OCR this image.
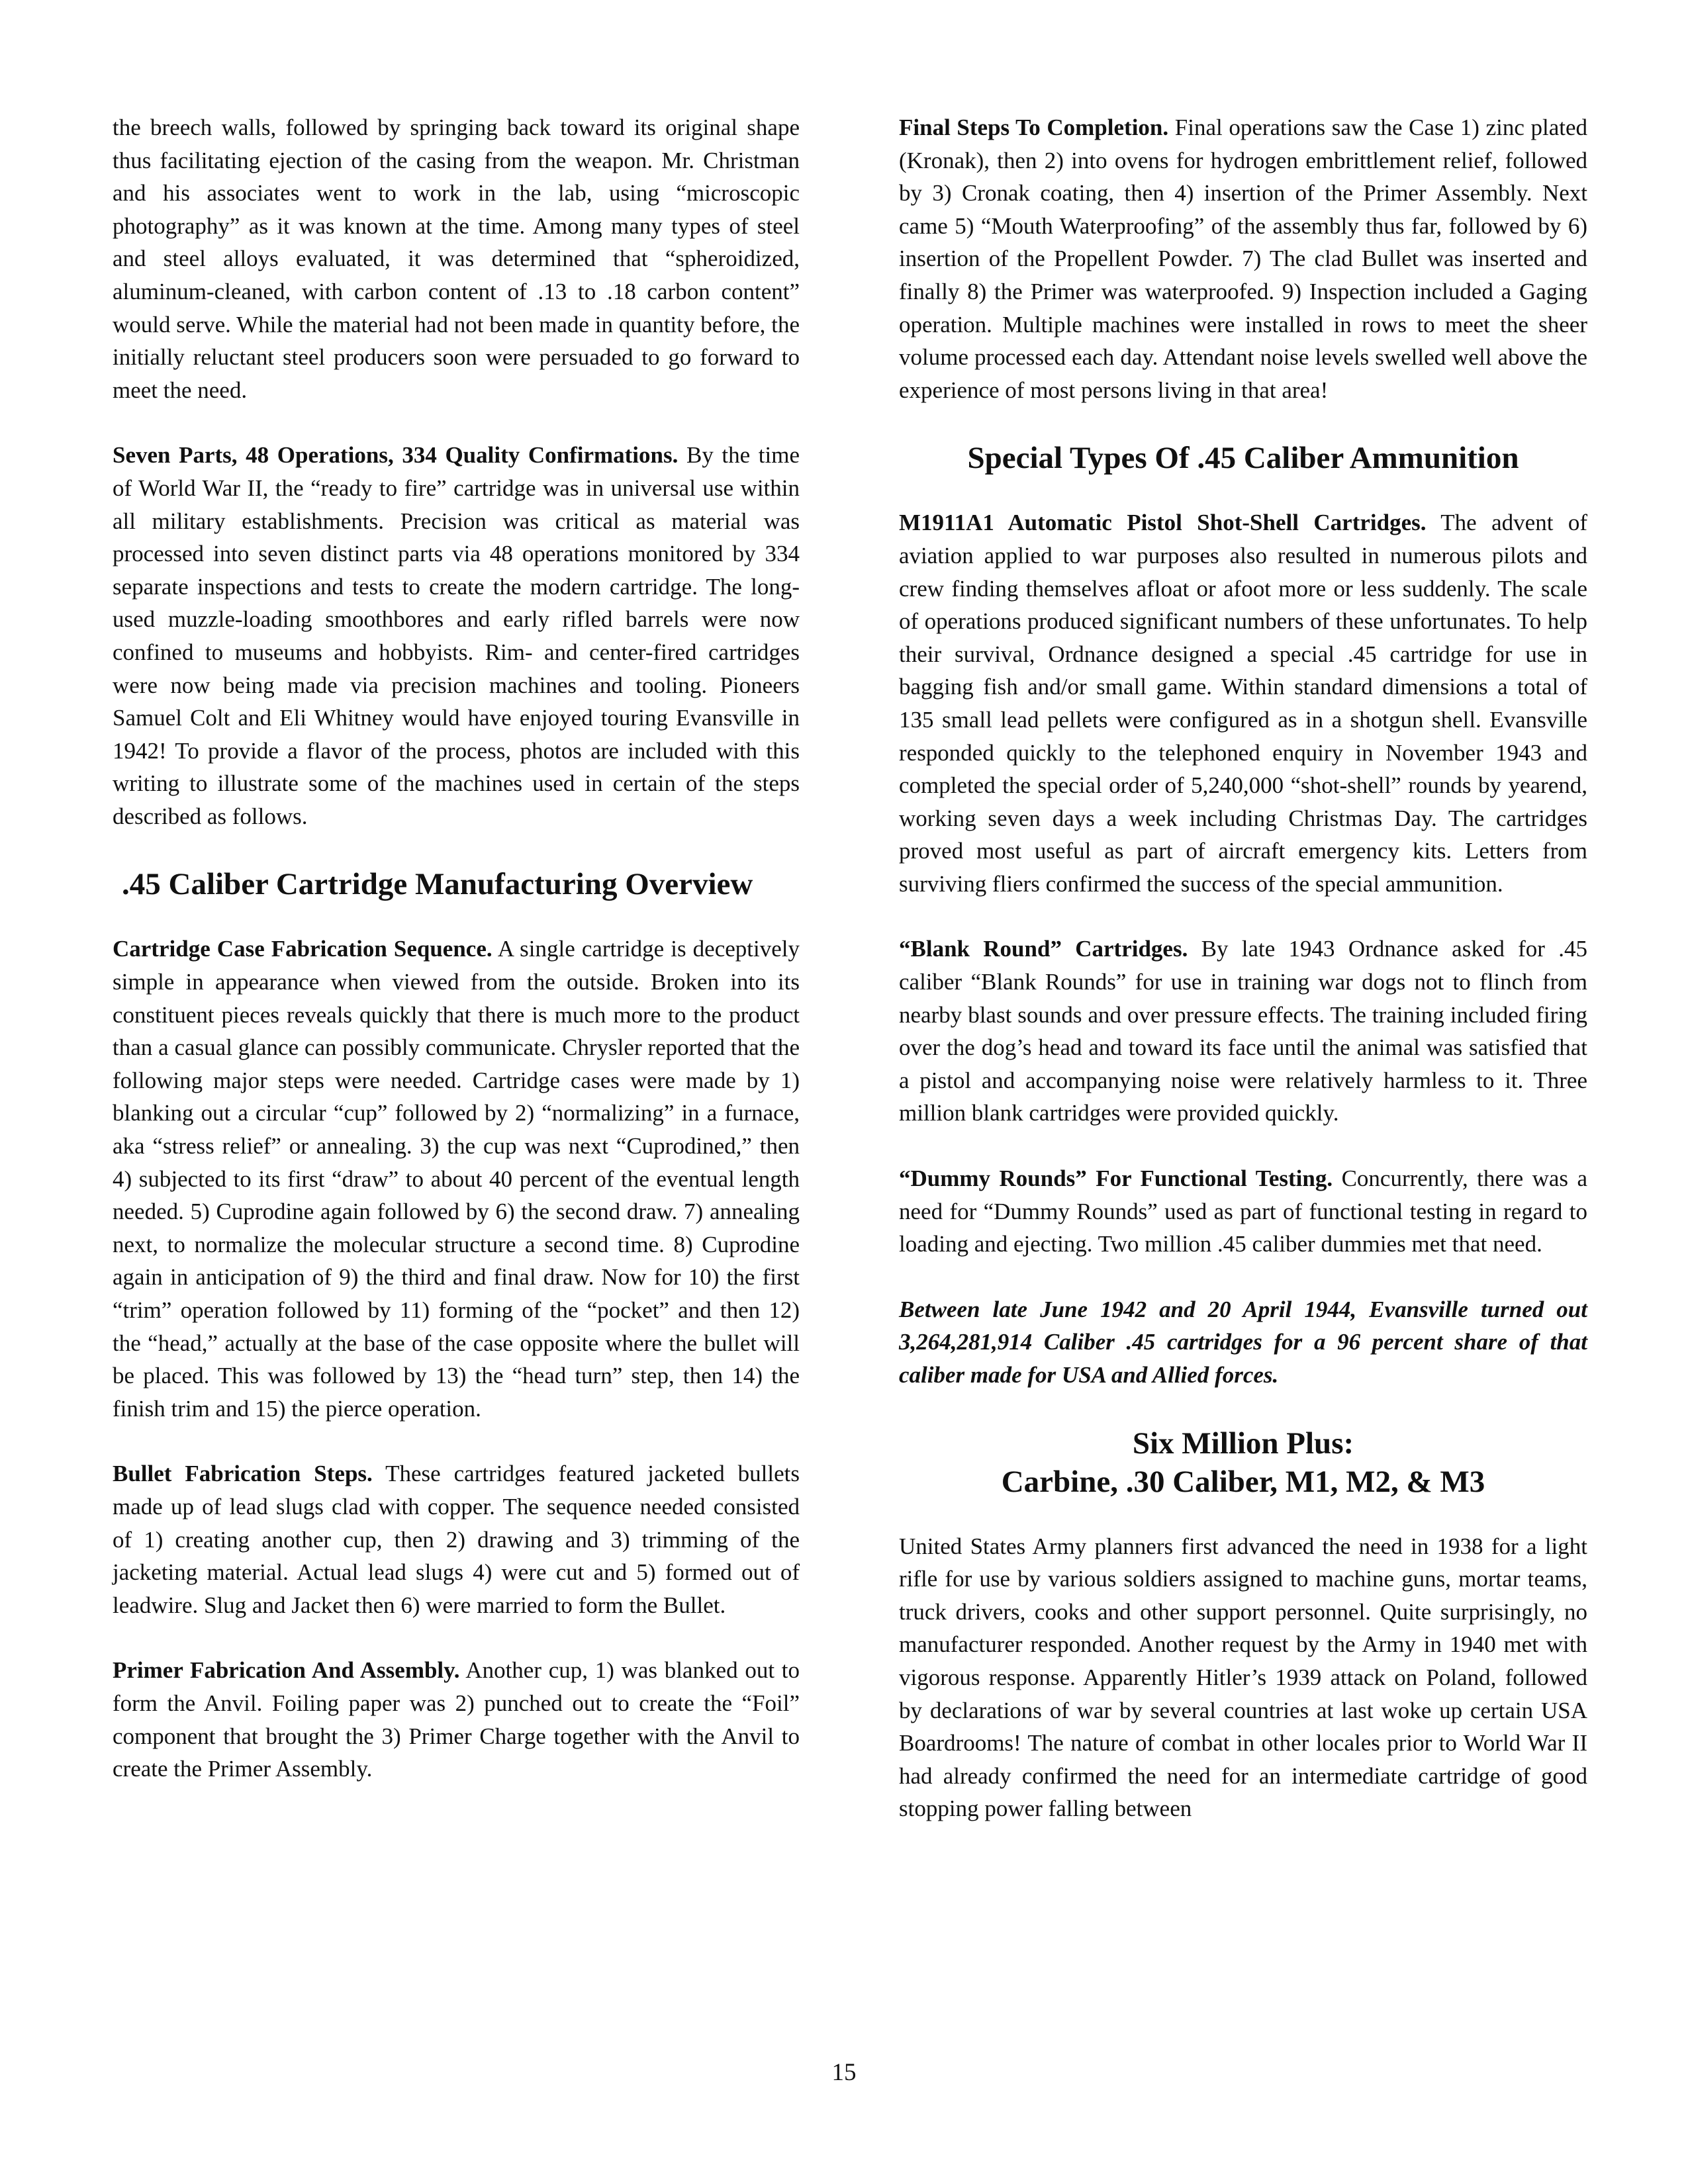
the breech walls, followed by springing back toward its original shape thus facilitating ejection of the casing from the weapon. Mr. Christman and his associates went to work in the lab, using “microscopic photography” as it was known at the time. Among many types of steel and steel alloys evaluated, it was determined that “spheroidized, aluminum-cleaned, with carbon content of .13 to .18 carbon content” would serve. While the material had not been made in quantity before, the initially reluctant steel producers soon were persuaded to go forward to meet the need.

Seven Parts, 48 Operations, 334 Quality Confirmations. By the time of World War II, the “ready to fire” cartridge was in universal use within all military establishments. Precision was critical as material was processed into seven distinct parts via 48 operations monitored by 334 separate inspections and tests to create the modern cartridge. The long-used muzzle-loading smoothbores and early rifled barrels were now confined to museums and hobbyists. Rim- and center-fired cartridges were now being made via precision machines and tooling. Pioneers Samuel Colt and Eli Whitney would have enjoyed touring Evansville in 1942! To provide a flavor of the process, photos are included with this writing to illustrate some of the machines used in certain of the steps described as follows.

.45 Caliber Cartridge Manufacturing Overview

Cartridge Case Fabrication Sequence. A single cartridge is deceptively simple in appearance when viewed from the outside. Broken into its constituent pieces reveals quickly that there is much more to the product than a casual glance can possibly communicate. Chrysler reported that the following major steps were needed. Cartridge cases were made by 1) blanking out a circular “cup” followed by 2) “normalizing” in a furnace, aka “stress relief” or annealing. 3) the cup was next “Cuprodined,” then 4) subjected to its first “draw” to about 40 percent of the eventual length needed. 5) Cuprodine again followed by 6) the second draw. 7) annealing next, to normalize the molecular structure a second time. 8) Cuprodine again in anticipation of 9) the third and final draw. Now for 10) the first “trim” operation followed by 11) forming of the “pocket” and then 12) the “head,” actually at the base of the case opposite where the bullet will be placed. This was followed by 13) the “head turn” step, then 14) the finish trim and 15) the pierce operation.

Bullet Fabrication Steps. These cartridges featured jacketed bullets made up of lead slugs clad with copper. The sequence needed consisted of 1) creating another cup, then 2) drawing and 3) trimming of the jacketing material. Actual lead slugs 4) were cut and 5) formed out of leadwire. Slug and Jacket then 6) were married to form the Bullet.

Primer Fabrication And Assembly. Another cup, 1) was blanked out to form the Anvil. Foiling paper was 2) punched out to create the “Foil” component that brought the 3) Primer Charge together with the Anvil to create the Primer Assembly.

Final Steps To Completion. Final operations saw the Case 1) zinc plated (Kronak), then 2) into ovens for hydrogen embrittlement relief, followed by 3) Cronak coating, then 4) insertion of the Primer Assembly. Next came 5) “Mouth Waterproofing” of the assembly thus far, followed by 6) insertion of the Propellent Powder. 7) The clad Bullet was inserted and finally 8) the Primer was waterproofed. 9) Inspection included a Gaging operation. Multiple machines were installed in rows to meet the sheer volume processed each day. Attendant noise levels swelled well above the experience of most persons living in that area!

Special Types Of .45 Caliber Ammunition

M1911A1 Automatic Pistol Shot-Shell Cartridges. The advent of aviation applied to war purposes also resulted in numerous pilots and crew finding themselves afloat or afoot more or less suddenly. The scale of operations produced significant numbers of these unfortunates. To help their survival, Ordnance designed a special .45 cartridge for use in bagging fish and/or small game. Within standard dimensions a total of 135 small lead pellets were configured as in a shotgun shell. Evansville responded quickly to the telephoned enquiry in November 1943 and completed the special order of 5,240,000 “shot-shell” rounds by yearend, working seven days a week including Christmas Day. The cartridges proved most useful as part of aircraft emergency kits. Letters from surviving fliers confirmed the success of the special ammunition.

“Blank Round” Cartridges. By late 1943 Ordnance asked for .45 caliber “Blank Rounds” for use in training war dogs not to flinch from nearby blast sounds and over pressure effects. The training included firing over the dog’s head and toward its face until the animal was satisfied that a pistol and accompanying noise were relatively harmless to it. Three million blank cartridges were provided quickly.

“Dummy Rounds” For Functional Testing. Concurrently, there was a need for “Dummy Rounds” used as part of functional testing in regard to loading and ejecting. Two million .45 caliber dummies met that need.

Between late June 1942 and 20 April 1944, Evansville turned out 3,264,281,914 Caliber .45 cartridges for a 96 percent share of that caliber made for USA and Allied forces.

Six Million Plus:
Carbine, .30 Caliber, M1, M2, & M3

United States Army planners first advanced the need in 1938 for a light rifle for use by various soldiers assigned to machine guns, mortar teams, truck drivers, cooks and other support personnel. Quite surprisingly, no manufacturer responded. Another request by the Army in 1940 met with vigorous response. Apparently Hitler’s 1939 attack on Poland, followed by declarations of war by several countries at last woke up certain USA Boardrooms! The nature of combat in other locales prior to World War II had already confirmed the need for an intermediate cartridge of good stopping power falling between

15
